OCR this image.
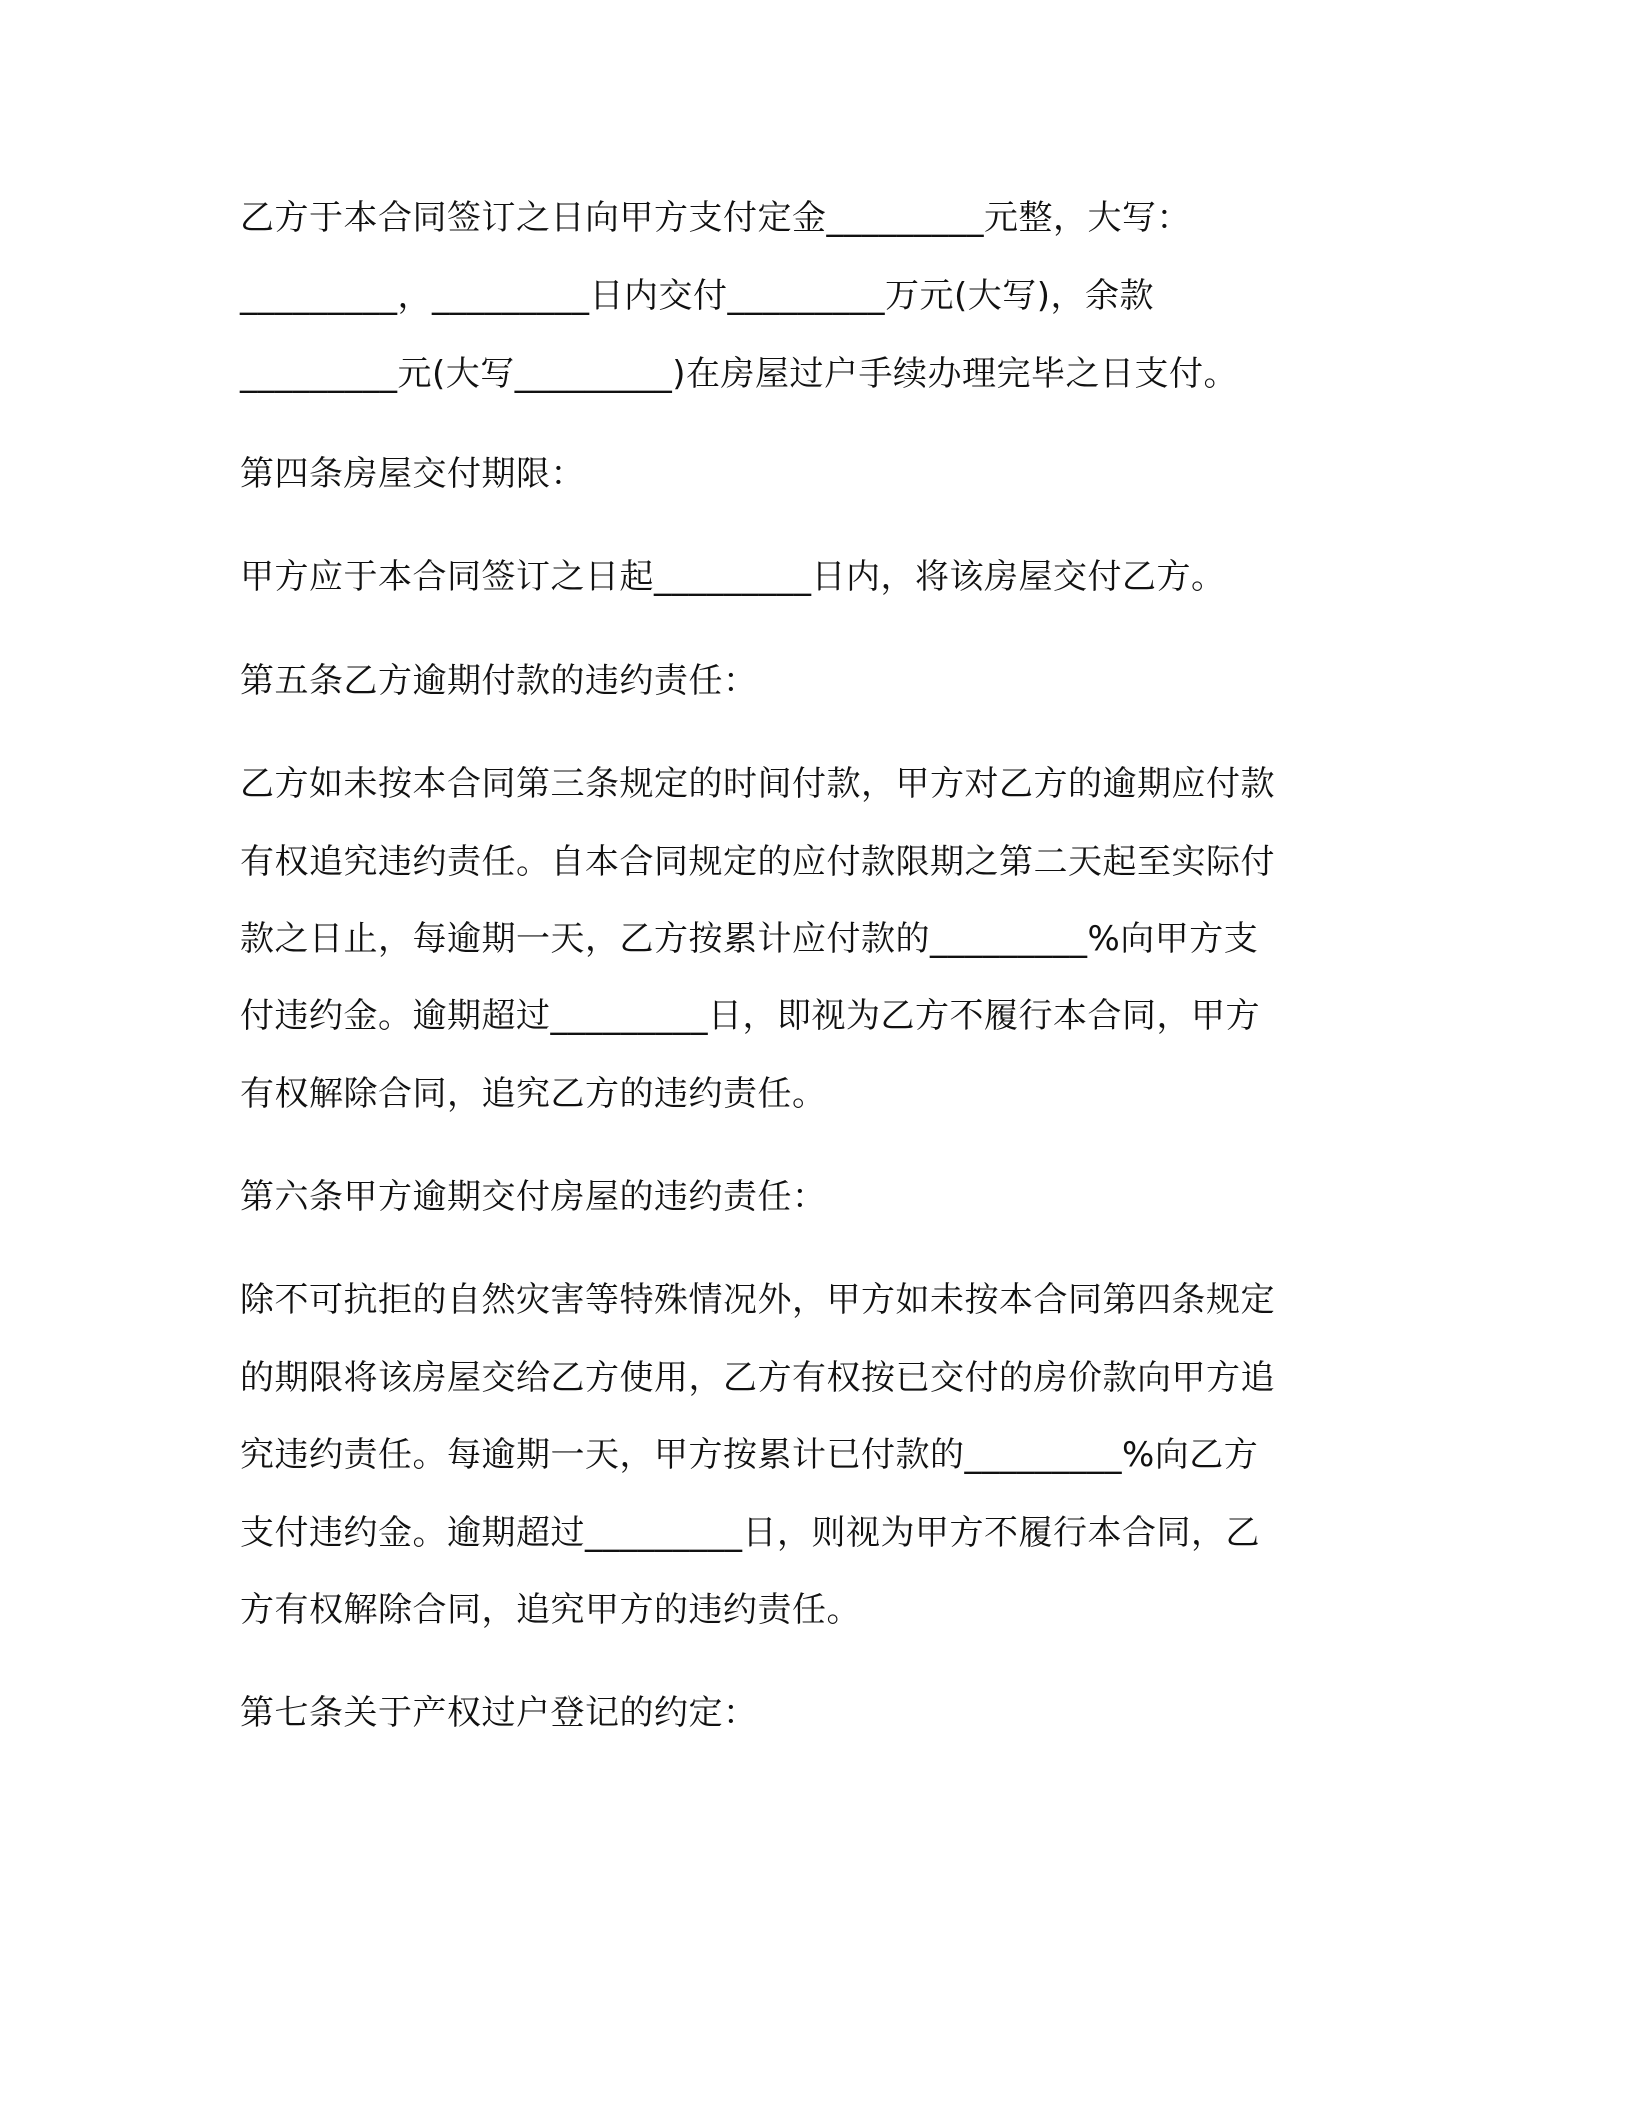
乙方于本合同签订之日向甲方支付定金_________元整，大写：
_________，_________日内交付_________万元(大写)，余款
_________元(大写_________)在房屋过户手续办理完毕之日支付。
第四条房屋交付期限：
甲方应于本合同签订之日起_________日内，将该房屋交付乙方。
第五条乙方逾期付款的违约责任：
乙方如未按本合同第三条规定的时间付款，甲方对乙方的逾期应付款
有权追究违约责任。自本合同规定的应付款限期之第二天起至实际付
款之日止，每逾期一天，乙方按累计应付款的_________%向甲方支
付违约金。逾期超过_________日，即视为乙方不履行本合同，甲方
有权解除合同，追究乙方的违约责任。
第六条甲方逾期交付房屋的违约责任：
除不可抗拒的自然灾害等特殊情况外，甲方如未按本合同第四条规定
的期限将该房屋交给乙方使用，乙方有权按已交付的房价款向甲方追
究违约责任。每逾期一天，甲方按累计已付款的_________%向乙方
支付违约金。逾期超过_________日，则视为甲方不履行本合同，乙
方有权解除合同，追究甲方的违约责任。
第七条关于产权过户登记的约定：
